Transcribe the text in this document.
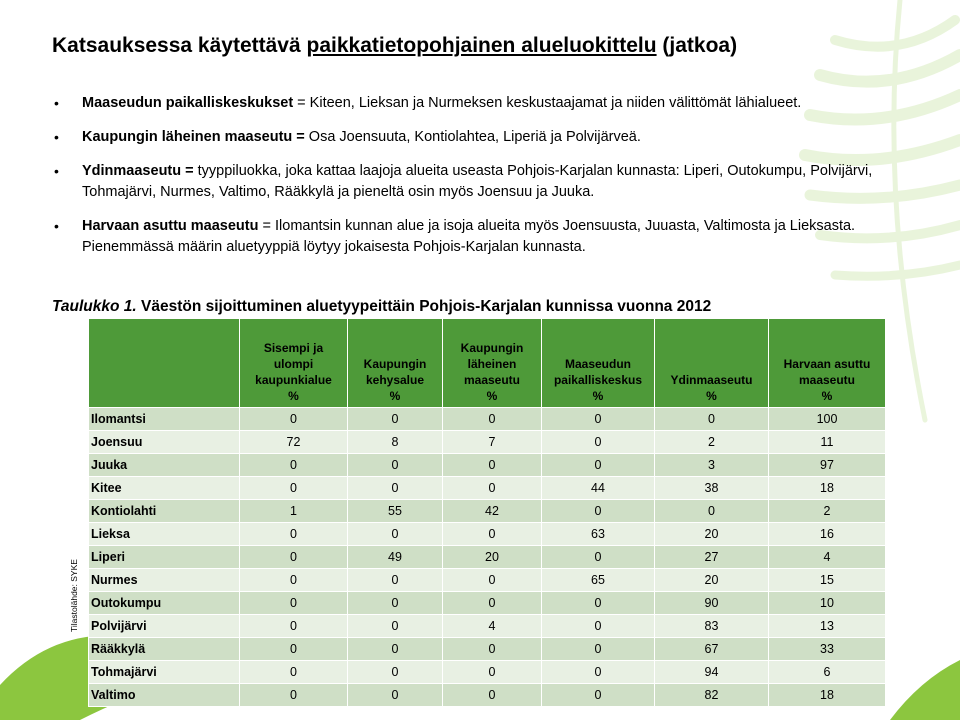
Katsauksessa käytettävä paikkatietopohjainen alueluokittelu (jatkoa)
• Maaseudun paikalliskeskukset = Kiteen, Lieksan ja Nurmeksen keskustaajamat ja niiden välittömät lähialueet.
• Kaupungin läheinen maaseutu = Osa Joensuuta, Kontiolahtea, Liperiä ja Polvijärveä.
• Ydinmaaseutu = tyyppiluokka, joka kattaa laajoja alueita useasta Pohjois-Karjalan kunnasta: Liperi, Outokumpu, Polvijärvi, Tohmajärvi, Nurmes, Valtimo, Rääkkylä ja pieneltä osin myös Joensuu ja Juuka.
• Harvaan asuttu maaseutu = Ilomantsin kunnan alue ja isoja alueita myös Joensuusta, Juuasta, Valtimosta ja Lieksasta. Pienemmässä määrin aluetyyppiä löytyy jokaisesta Pohjois-Karjalan kunnasta.
Taulukko 1. Väestön sijoittuminen aluetyypeittäin Pohjois-Karjalan kunnissa vuonna 2012
Tilastolähde: SYKE
	Sisempi ja
ulompi
kaupunkialue
%	Kaupungin
kehysalue
%	Kaupungin
läheinen
maaseutu
%	Maaseudun
paikalliskeskus
%	Ydinmaaseutu
%	Harvaan asuttu
maaseutu
%
Ilomantsi	0	0	0	0	0	100
Joensuu	72	8	7	0	2	11
Juuka	0	0	0	0	3	97
Kitee	0	0	0	44	38	18
Kontiolahti	1	55	42	0	0	2
Lieksa	0	0	0	63	20	16
Liperi	0	49	20	0	27	4
Nurmes	0	0	0	65	20	15
Outokumpu	0	0	0	0	90	10
Polvijärvi	0	0	4	0	83	13
Rääkkylä	0	0	0	0	67	33
Tohmajärvi	0	0	0	0	94	6
Valtimo	0	0	0	0	82	18
